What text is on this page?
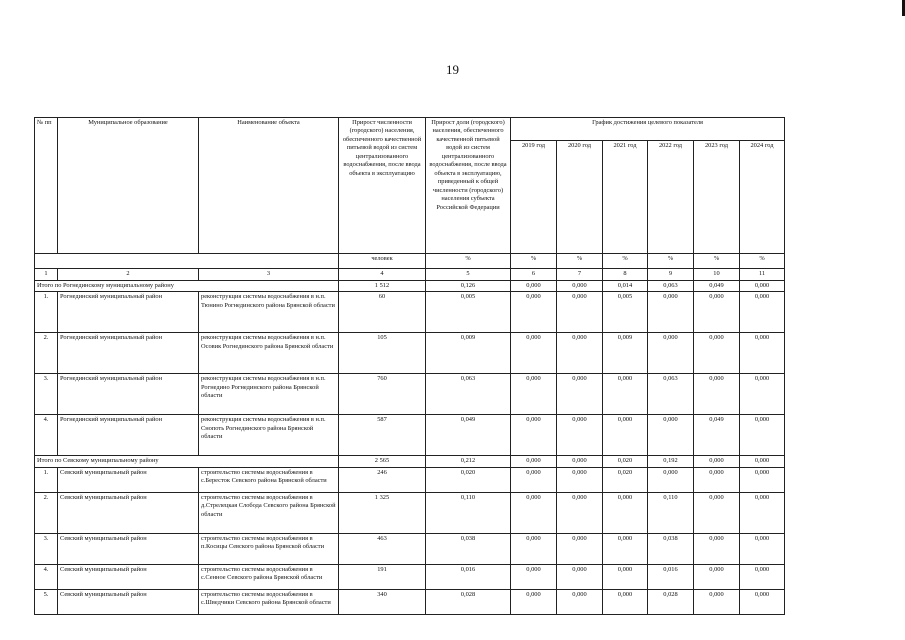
19
№ пп	Муниципальное образование	Наименование объекта	Прирост численности (городского) населения, обеспеченного качественной питьевой водой из систем централизованного водоснабжения, после ввода объекта в эксплуатацию	Прирост доли (городского) населения, обеспеченного качественной питьевой водой из систем централизованного водоснабжения, после ввода объекта в эксплуатацию, приведенный к общей численности (городского) населения субъекта Российской Федерации	График достижения целевого показателя					
					2019 год	2020 год	2021 год	2022 год	2023 год	2024 год
			человек	%	%	%	%	%	%	%
1	2	3	4	5	6	7	8	9	10	11
Итого по Рогнединскому муниципальному району			1 512	0,126	0,000	0,000	0,014	0,063	0,049	0,000
1.	Рогнединский муниципальный район	реконструкция системы водоснабжения в н.п. Тюнино Рогнединского района Брянской области	60	0,005	0,000	0,000	0,005	0,000	0,000	0,000
2.	Рогнединский муниципальный район	реконструкция системы водоснабжения в н.п. Осовик Рогнединского района Брянской области	105	0,009	0,000	0,000	0,009	0,000	0,000	0,000
3.	Рогнединский муниципальный район	реконструкция системы водоснабжения в н.п. Рогнедино Рогнединского района Брянской области	760	0,063	0,000	0,000	0,000	0,063	0,000	0,000
4.	Рогнединский муниципальный район	реконструкция системы водоснабжения в н.п. Снопоть Рогнединского района Брянской области	587	0,049	0,000	0,000	0,000	0,000	0,049	0,000
Итого по Севскому муниципальному району			2 565	0,212	0,000	0,000	0,020	0,192	0,000	0,000
1.	Севский муниципальный район	строительство системы водоснабжения в с.Бересток Севского района Брянской области	246	0,020	0,000	0,000	0,020	0,000	0,000	0,000
2.	Севский муниципальный район	строительство системы водоснабжения в д.Стрелецкая Слобода Севского района Брянской области	1 325	0,110	0,000	0,000	0,000	0,110	0,000	0,000
3.	Севский муниципальный район	строительство системы водоснабжения в п.Косицы Севского района Брянской области	463	0,038	0,000	0,000	0,000	0,038	0,000	0,000
4.	Севский муниципальный район	строительство системы водоснабжения в с.Сенное Севского района Брянской области	191	0,016	0,000	0,000	0,000	0,016	0,000	0,000
5.	Севский муниципальный район	строительство системы водоснабжения в с.Шведчики Севского района Брянской области	340	0,028	0,000	0,000	0,000	0,028	0,000	0,000
